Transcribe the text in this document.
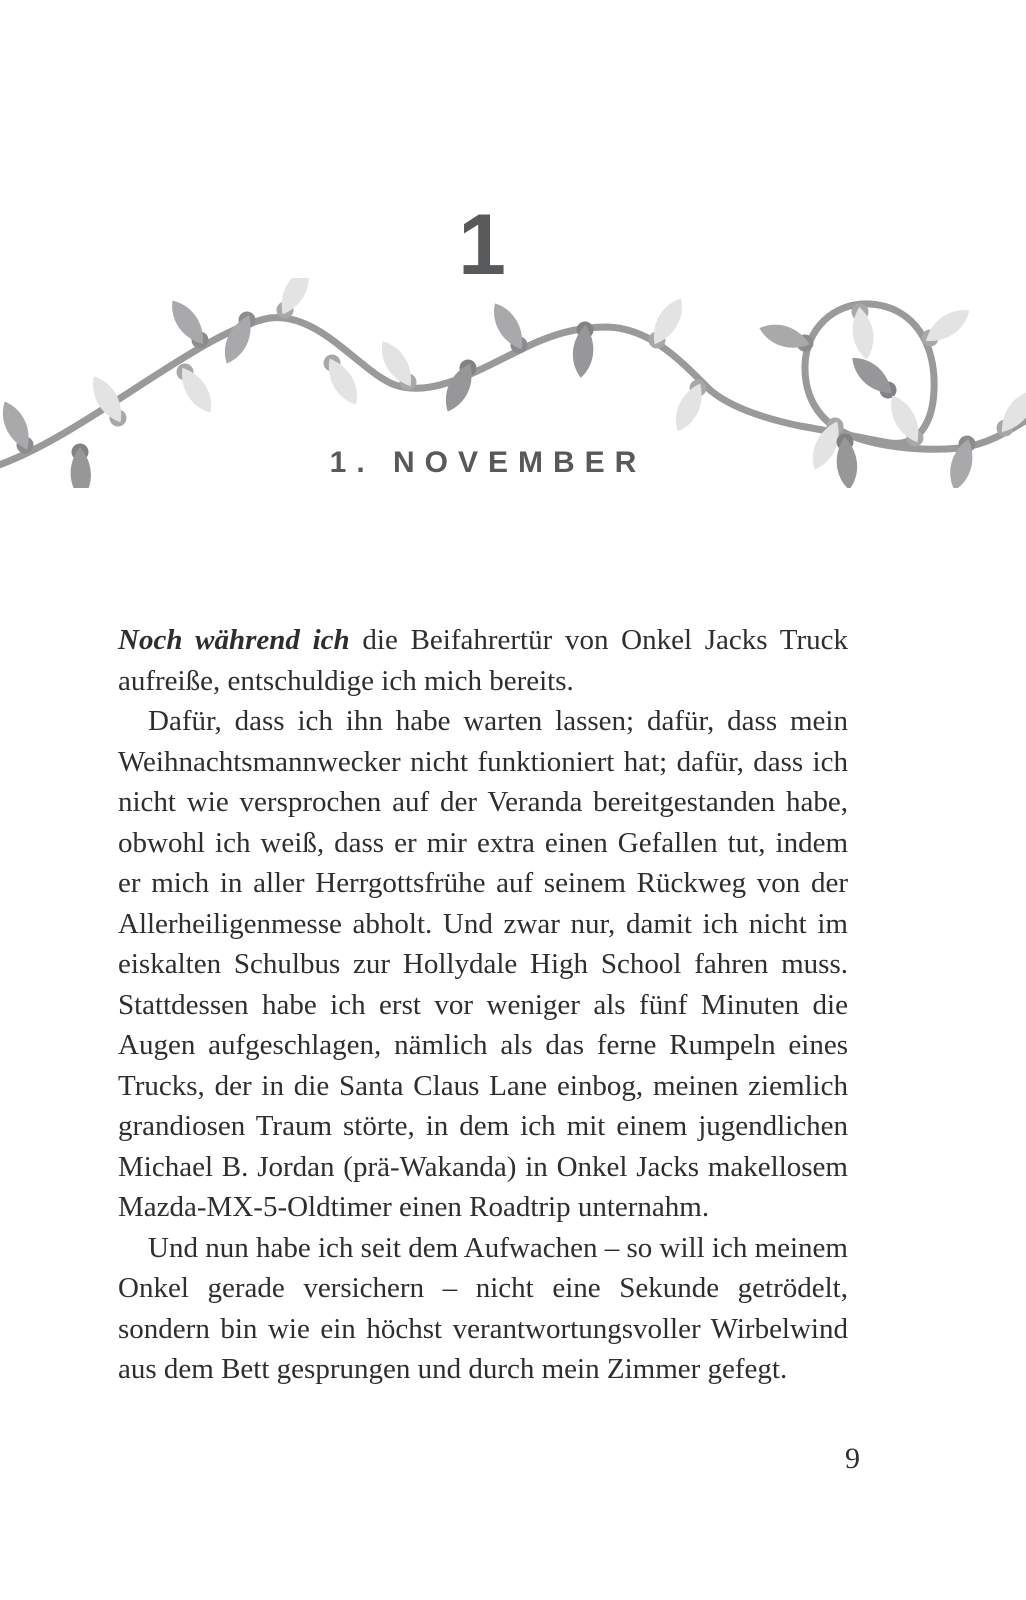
1
1. NOVEMBER

Noch während ich die Beifahrertür von Onkel Jacks Truck aufreiße, entschuldige ich mich bereits.

Dafür, dass ich ihn habe warten lassen; dafür, dass mein Weihnachtsmannwecker nicht funktioniert hat; dafür, dass ich nicht wie versprochen auf der Veranda bereitgestanden habe, obwohl ich weiß, dass er mir extra einen Gefallen tut, indem er mich in aller Herrgottsfrühe auf seinem Rückweg von der Allerheiligenmesse abholt. Und zwar nur, damit ich nicht im eiskalten Schulbus zur Hollydale High School fahren muss. Stattdessen habe ich erst vor weniger als fünf Minuten die Augen aufgeschlagen, nämlich als das ferne Rumpeln eines Trucks, der in die Santa Claus Lane einbog, meinen ziemlich grandiosen Traum störte, in dem ich mit einem jugendlichen Michael B. Jordan (prä-Wakanda) in Onkel Jacks makellosem Mazda-MX-5-Oldtimer einen Roadtrip unternahm.

Und nun habe ich seit dem Aufwachen – so will ich meinem Onkel gerade versichern – nicht eine Sekunde getrödelt, sondern bin wie ein höchst verantwortungsvoller Wirbelwind aus dem Bett gesprungen und durch mein Zimmer gefegt.

9
